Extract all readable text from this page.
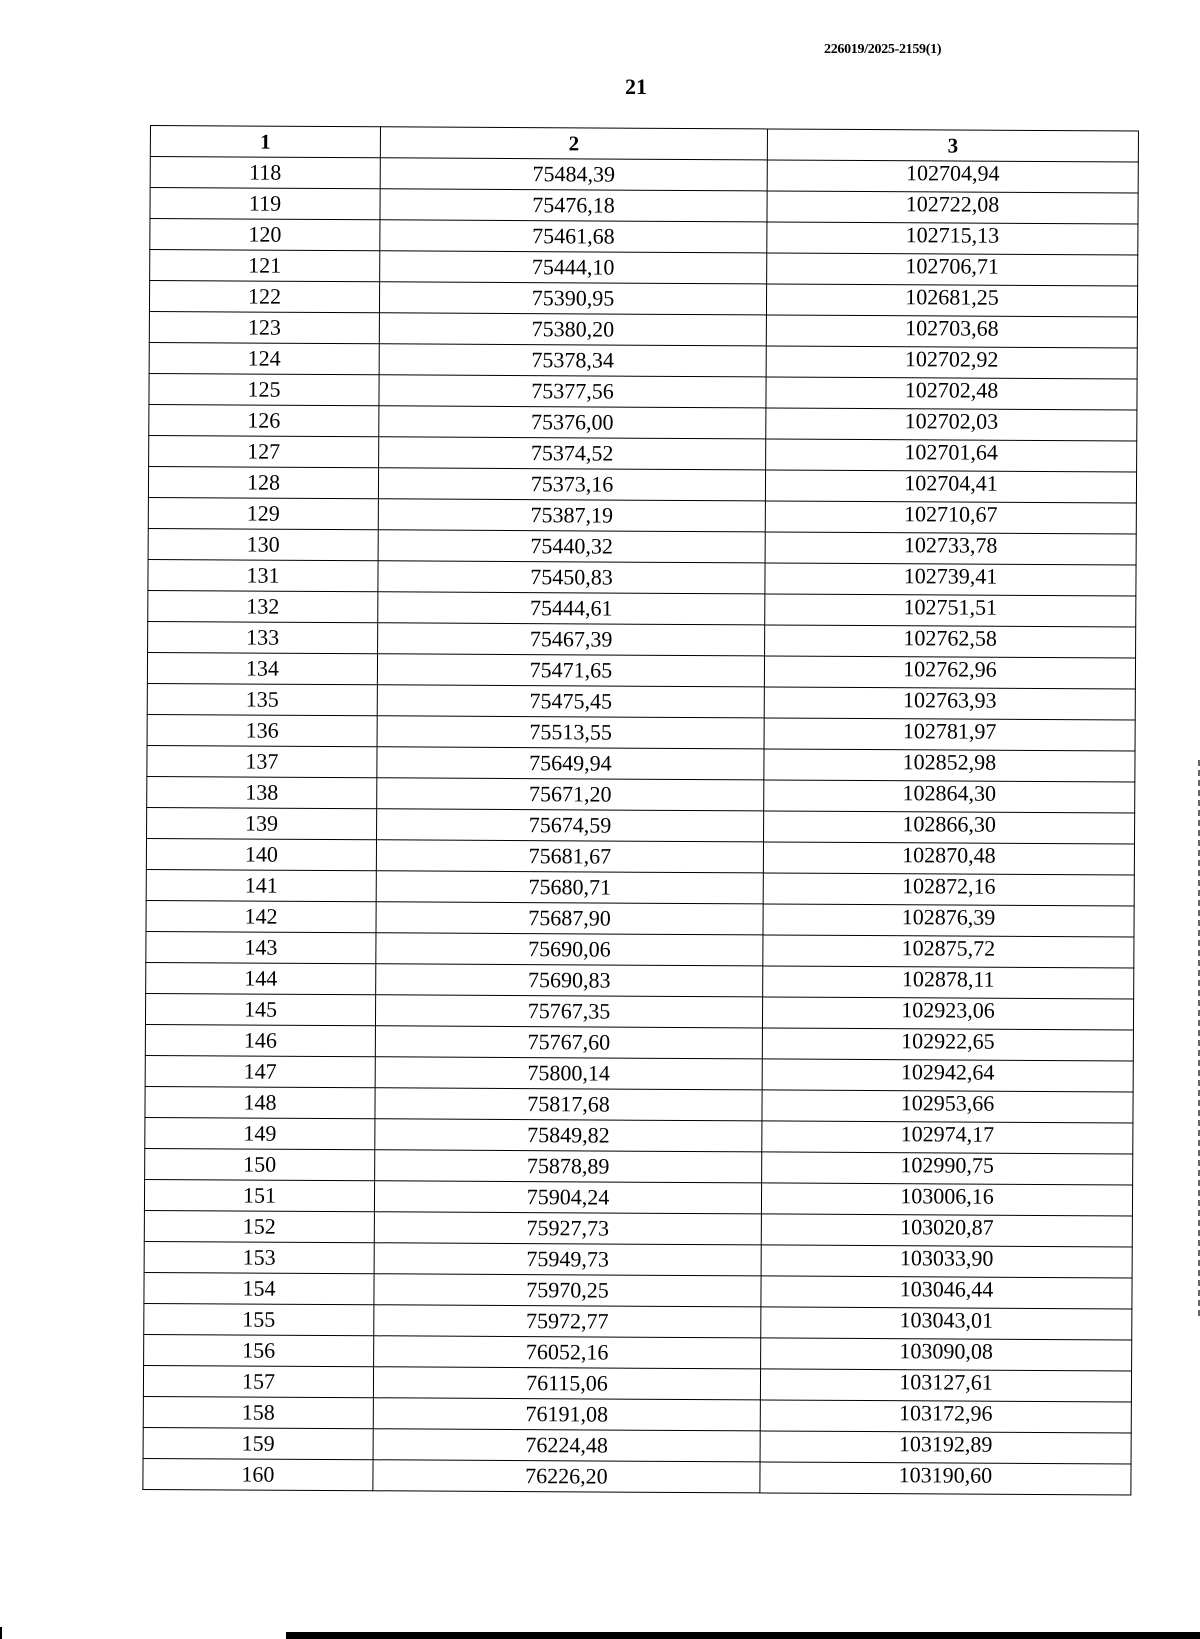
226019/2025-2159(1)
21
1	2	3
118	75484,39	102704,94
119	75476,18	102722,08
120	75461,68	102715,13
121	75444,10	102706,71
122	75390,95	102681,25
123	75380,20	102703,68
124	75378,34	102702,92
125	75377,56	102702,48
126	75376,00	102702,03
127	75374,52	102701,64
128	75373,16	102704,41
129	75387,19	102710,67
130	75440,32	102733,78
131	75450,83	102739,41
132	75444,61	102751,51
133	75467,39	102762,58
134	75471,65	102762,96
135	75475,45	102763,93
136	75513,55	102781,97
137	75649,94	102852,98
138	75671,20	102864,30
139	75674,59	102866,30
140	75681,67	102870,48
141	75680,71	102872,16
142	75687,90	102876,39
143	75690,06	102875,72
144	75690,83	102878,11
145	75767,35	102923,06
146	75767,60	102922,65
147	75800,14	102942,64
148	75817,68	102953,66
149	75849,82	102974,17
150	75878,89	102990,75
151	75904,24	103006,16
152	75927,73	103020,87
153	75949,73	103033,90
154	75970,25	103046,44
155	75972,77	103043,01
156	76052,16	103090,08
157	76115,06	103127,61
158	76191,08	103172,96
159	76224,48	103192,89
160	76226,20	103190,60
